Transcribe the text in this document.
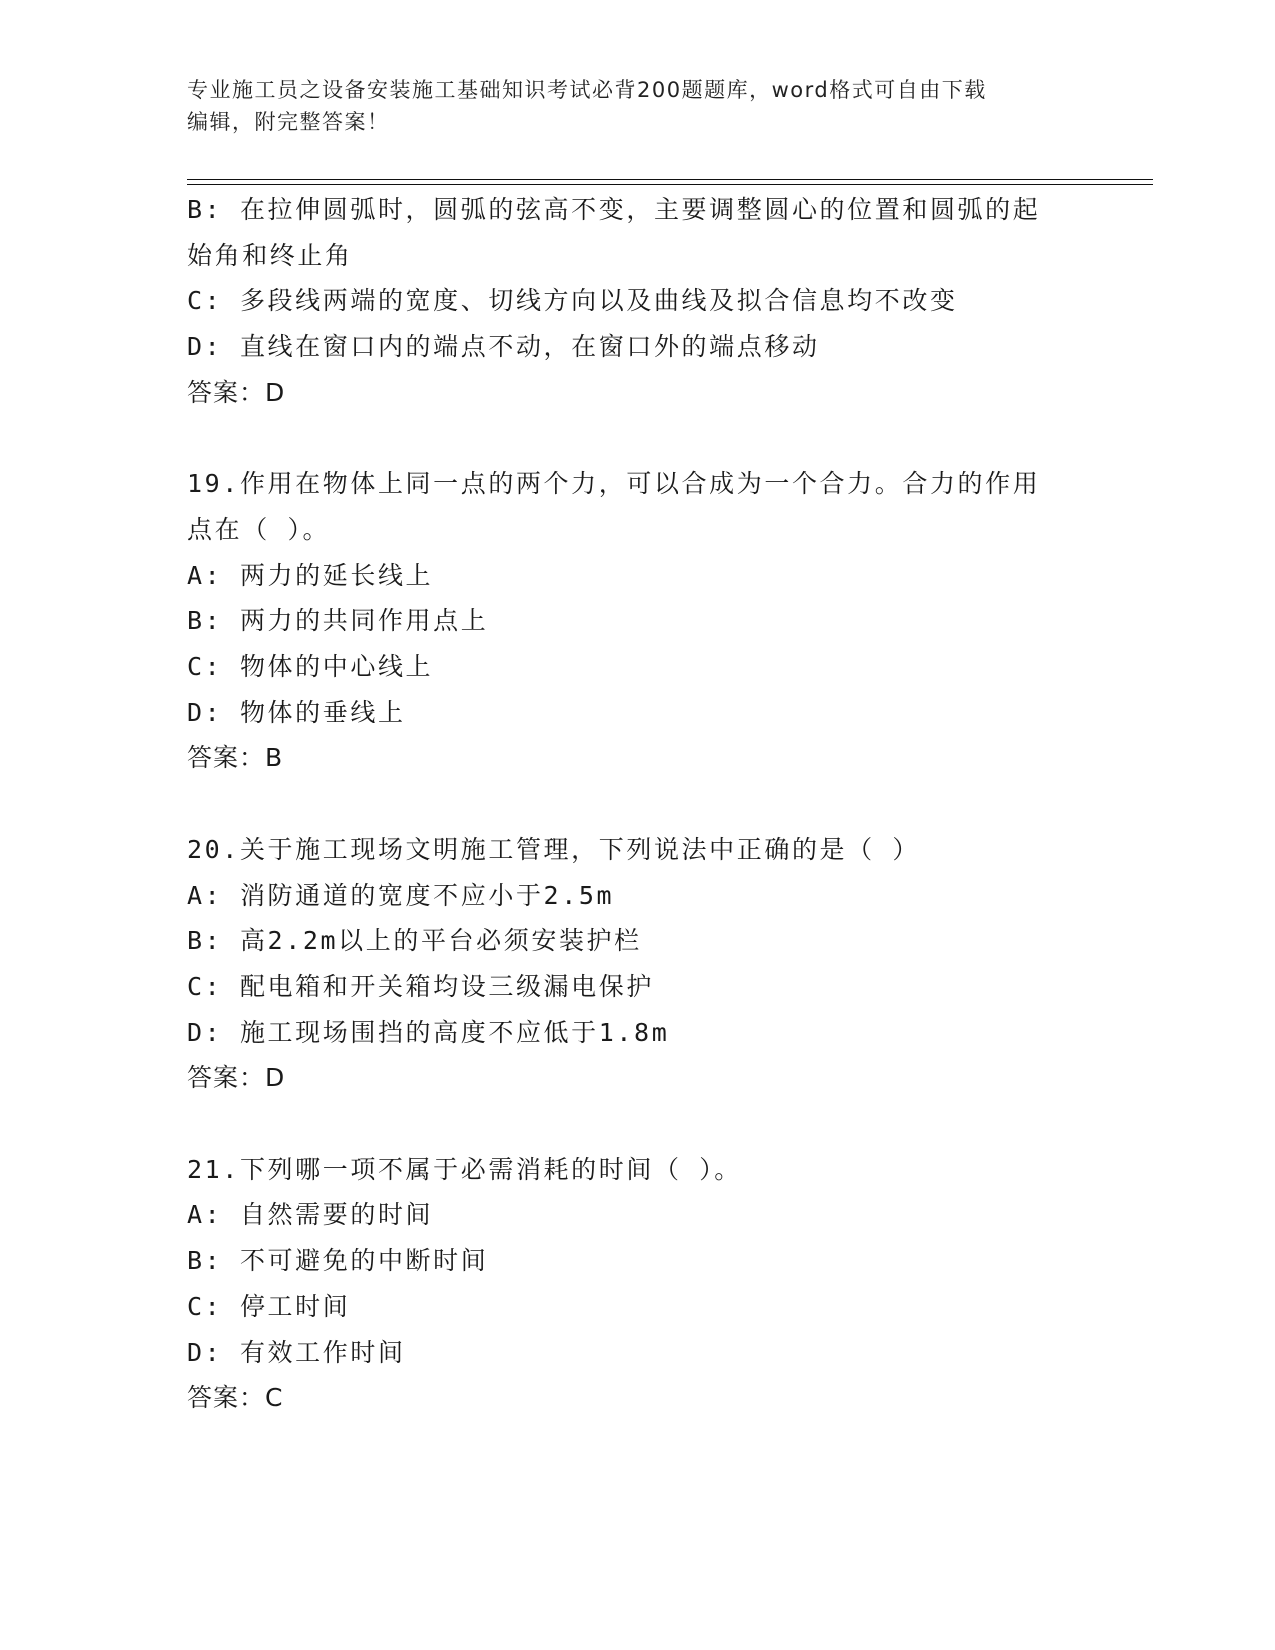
专业施工员之设备安装施工基础知识考试必背200题题库，word格式可自由下载
编辑，附完整答案！
B: 在拉伸圆弧时，圆弧的弦高不变，主要调整圆心的位置和圆弧的起
始角和终止角
C: 多段线两端的宽度、切线方向以及曲线及拟合信息均不改变
D: 直线在窗口内的端点不动，在窗口外的端点移动
答案：D
19.作用在物体上同一点的两个力，可以合成为一个合力。合力的作用
点在（ ）。
A: 两力的延长线上
B: 两力的共同作用点上
C: 物体的中心线上
D: 物体的垂线上
答案：B
20.关于施工现场文明施工管理，下列说法中正确的是（ ）
A: 消防通道的宽度不应小于2.5m
B: 高2.2m以上的平台必须安装护栏
C: 配电箱和开关箱均设三级漏电保护
D: 施工现场围挡的高度不应低于1.8m
答案：D
21.下列哪一项不属于必需消耗的时间（ ）。
A: 自然需要的时间
B: 不可避免的中断时间
C: 停工时间
D: 有效工作时间
答案：C
